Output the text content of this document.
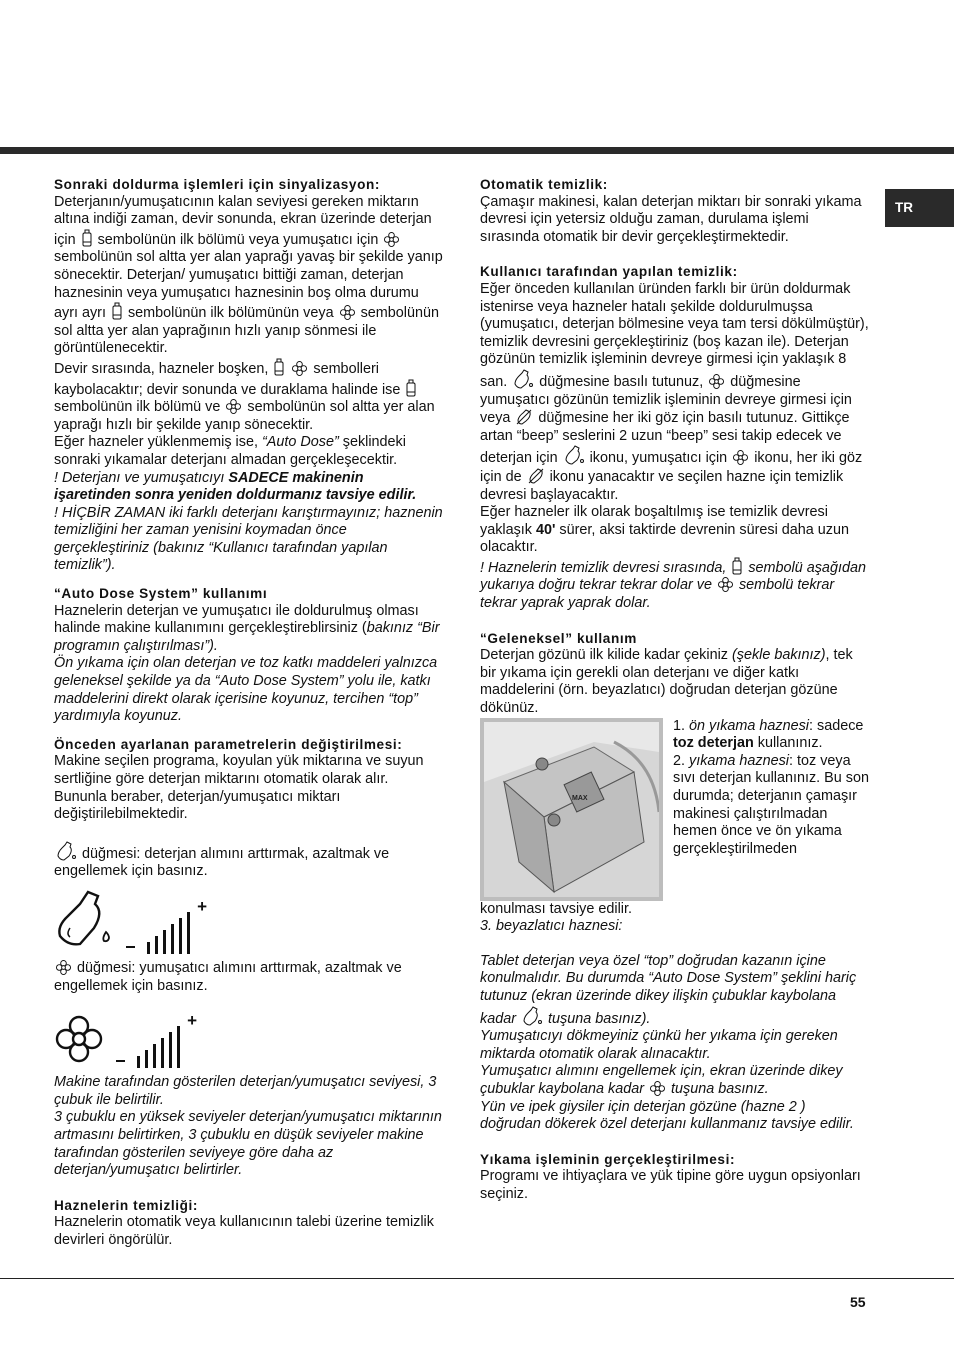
TR
Sonraki doldurma işlemleri için sinyalizasyon:

Deterjanın/yumuşatıcının kalan seviyesi gereken miktarın altına indiği zaman, devir sonunda, ekran üzerinde deterjan için sembolünün ilk bölümü veya yumuşatıcı için
sembolünün sol altta yer alan yaprağı yavaş bir şekilde yanıp sönecektir. Deterjan/ yumuşatıcı bittiği zaman, deterjan haznesinin veya yumuşatıcı haznesinin boş olma durumu ayrı ayrı sembolünün ilk bölümünün veya sembolünün sol altta yer alan yaprağının hızlı yanıp sönmesi ile görüntülenecektir.

Devir sırasında, hazneler boşken,
	sembolleri kaybolacaktır; devir sonunda ve duraklama halinde ise
sembolünün ilk bölümü ve sembolünün sol altta yer alan yaprağı hızlı bir şekilde yanıp sönecektir.

Eğer hazneler yüklenmemiş ise, “Auto Dose” şeklindeki sonraki yıkamalar deterjanı almadan gerçekleşecektir.

! Deterjanı ve yumuşatıcıyı SADECE makinenin işaretinden sonra yeniden doldurmanız tavsiye edilir.

! HİÇBİR ZAMAN iki farklı deterjanı karıştırmayınız; haznenin temizliğini her zaman yenisini koymadan önce gerçekleştiriniz (bakınız “Kullanıcı tarafından yapılan temizlik”).

“Auto Dose System” kullanımı

Haznelerin deterjan ve yumuşatıcı ile doldurulmuş olması halinde makine kullanımını gerçekleştireblirsiniz (bakınız “Bir programın çalıştırılması”).

Ön yıkama için olan deterjan ve toz katkı maddeleri yalnızca geleneksel şekilde ya da “Auto Dose System” yolu ile, katkı maddelerini direkt olarak içerisine koyunuz, tercihen “top” yardımıyla koyunuz.

Önceden ayarlanan parametrelerin değiştirilmesi:

Makine seçilen programa, koyulan yük miktarına ve suyun sertliğine göre deterjan miktarını otomatik olarak alır. Bununla beraber, deterjan/yumuşatıcı miktarı değiştirilebilmektedir.

düğmesi: deterjan alımını arttırmak, azaltmak ve engellemek için basınız.

+

düğmesi: yumuşatıcı alımını arttırmak, azaltmak ve engellemek için basınız.

+

Makine tarafından gösterilen deterjan/yumuşatıcı seviyesi, 3 çubuk ile belirtilir.

3 çubuklu en yüksek seviyeler deterjan/yumuşatıcı miktarının artmasını belirtirken, 3 çubuklu en düşük seviyeler makine tarafından gösterilen seviyeye göre daha az deterjan/yumuşatıcı belirtirler.

Haznelerin temizliği:

Haznelerin otomatik veya kullanıcının talebi üzerine temizlik devirleri öngörülür.

Otomatik temizlik:

Çamaşır makinesi, kalan deterjan miktarı bir sonraki yıkama devresi için yetersiz olduğu zaman, durulama işlemi sırasında otomatik bir devir gerçekleştirmektedir.

Kullanıcı tarafından yapılan temizlik:

Eğer önceden kullanılan üründen farklı bir ürün doldurmak istenirse veya hazneler hatalı şekilde doldurulmuşsa (yumuşatıcı, deterjan bölmesine veya tam tersi dökülmüştür), temizlik devresini gerçekleştiriniz (boş kazan ile). Deterjan gözünün temizlik işleminin devreye girmesi için yaklaşık 8 san. düğmesine basılı tutunuz, düğmesine yumuşatıcı gözünün temizlik işleminin devreye girmesi için veya düğmesine her iki göz için basılı tutunuz. Gittikçe artan “beep” seslerini 2 uzun “beep” sesi takip edecek ve deterjan için ikonu, yumuşatıcı için ikonu, her iki göz için de ikonu yanacaktır ve seçilen hazne için temizlik devresi başlayacaktır.

Eğer hazneler ilk olarak boşaltılmış ise temizlik devresi yaklaşık 40' sürer, aksi taktirde devrenin süresi daha uzun olacaktır.

! Haznelerin temizlik devresi sırasında, sembolü aşağıdan yukarıya doğru tekrar tekrar dolar ve sembolü tekrar tekrar yaprak yaprak dolar.

“Geleneksel” kullanım

Deterjan gözünü ilk kilide kadar çekiniz (şekle bakınız), tek bir yıkama için gerekli olan deterjanı ve diğer katkı maddelerini (örn. beyazlatıcı) doğrudan deterjan gözüne dökünüz.

MAX

1. ön yıkama haznesi: sadece toz deterjan kullanınız.

2. yıkama haznesi: toz veya sıvı deterjan kullanınız. Bu son durumda; deterjanın çamaşır makinesi çalıştırılmadan hemen önce ve ön yıkama gerçekleştirilmeden

konulması tavsiye edilir.

3. beyazlatıcı haznesi:

Tablet deterjan veya özel “top” doğrudan kazanın içine konulmalıdır. Bu durumda “Auto Dose System” şeklini hariç tutunuz (ekran üzerinde dikey ilişkin çubuklar kaybolana kadar tuşuna basınız).

Yumuşatıcıyı dökmeyiniz çünkü her yıkama için gereken miktarda otomatik olarak alınacaktır.

Yumuşatıcı alımını engellemek için, ekran üzerinde dikey çubuklar kaybolana kadar tuşuna basınız.

Yün ve ipek giysiler için deterjan gözüne (hazne 2 ) doğrudan dökerek özel deterjanı kullanmanız tavsiye edilir.

Yıkama işleminin gerçekleştirilmesi:

Programı ve ihtiyaçlara ve yük tipine göre uygun opsiyonları seçiniz.

55
